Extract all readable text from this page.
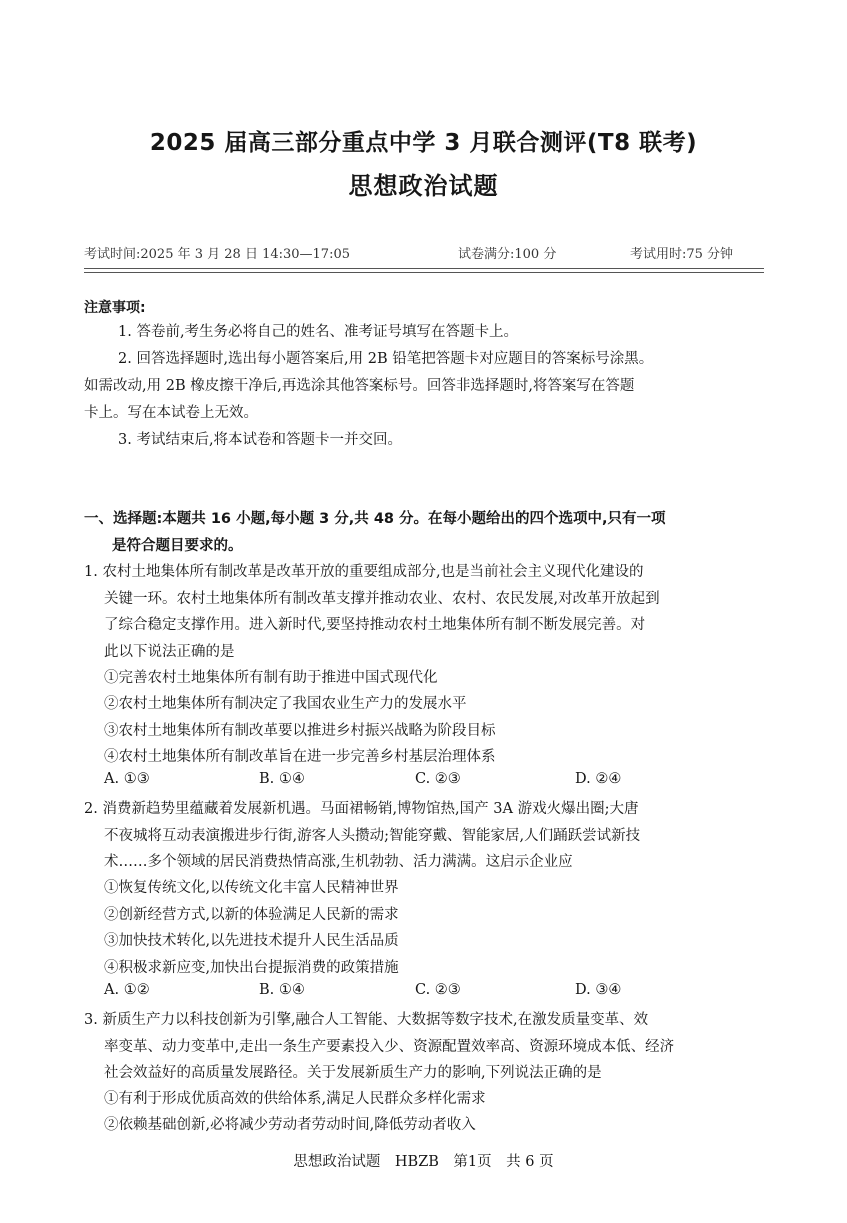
2025 届高三部分重点中学 3 月联合测评(T8 联考)
思想政治试题
考试时间:2025 年 3 月 28 日 14:30—17:05	试卷满分:100 分	考试用时:75 分钟
注意事项:
1. 答卷前,考生务必将自己的姓名、准考证号填写在答题卡上。
2. 回答选择题时,选出每小题答案后,用 2B 铅笔把答题卡对应题目的答案标号涂黑。
如需改动,用 2B 橡皮擦干净后,再选涂其他答案标号。回答非选择题时,将答案写在答题
卡上。写在本试卷上无效。
3. 考试结束后,将本试卷和答题卡一并交回。
一、选择题:本题共 16 小题,每小题 3 分,共 48 分。在每小题给出的四个选项中,只有一项
是符合题目要求的。
1. 农村土地集体所有制改革是改革开放的重要组成部分,也是当前社会主义现代化建设的
关键一环。农村土地集体所有制改革支撑并推动农业、农村、农民发展,对改革开放起到
了综合稳定支撑作用。进入新时代,要坚持推动农村土地集体所有制不断发展完善。对
此以下说法正确的是
①完善农村土地集体所有制有助于推进中国式现代化
②农村土地集体所有制决定了我国农业生产力的发展水平
③农村土地集体所有制改革要以推进乡村振兴战略为阶段目标
④农村土地集体所有制改革旨在进一步完善乡村基层治理体系
A. ①③	B. ①④	C. ②③	D. ②④
2. 消费新趋势里蕴藏着发展新机遇。马面裙畅销,博物馆热,国产 3A 游戏火爆出圈;大唐
不夜城将互动表演搬进步行街,游客人头攒动;智能穿戴、智能家居,人们踊跃尝试新技
术……多个领域的居民消费热情高涨,生机勃勃、活力满满。这启示企业应
①恢复传统文化,以传统文化丰富人民精神世界
②创新经营方式,以新的体验满足人民新的需求
③加快技术转化,以先进技术提升人民生活品质
④积极求新应变,加快出台提振消费的政策措施
A. ①②	B. ①④	C. ②③	D. ③④
3. 新质生产力以科技创新为引擎,融合人工智能、大数据等数字技术,在激发质量变革、效
率变革、动力变革中,走出一条生产要素投入少、资源配置效率高、资源环境成本低、经济
社会效益好的高质量发展路径。关于发展新质生产力的影响,下列说法正确的是
①有利于形成优质高效的供给体系,满足人民群众多样化需求
②依赖基础创新,必将减少劳动者劳动时间,降低劳动者收入
思想政治试题　HBZB　第1页　共 6 页
